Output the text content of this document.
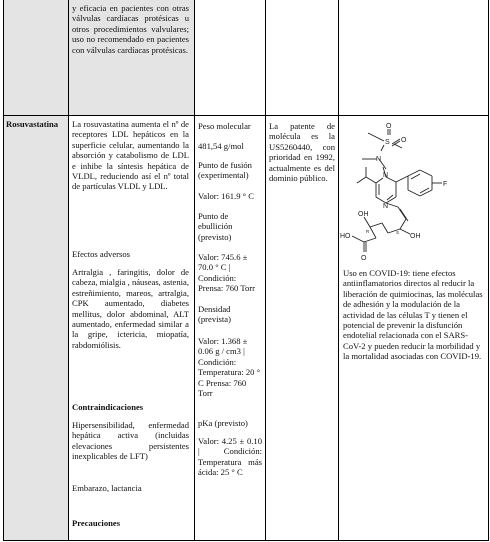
y eficacia en pacientes con otras válvulas cardíacas protésicas u otros procedimientos valvulares; uso no recomendado en pacientes con válvulas cardíacas protésicas.

Rosuvastatina	La rosuvastatina aumenta el nº de receptores LDL hepáticos en la superficie celular, aumentando la absorción y catabolismo de LDL e inhibe la síntesis hepática de VLDL, reduciendo así el nº total de partículas VLDL y LDL.

Efectos adversos

Artralgia , faringitis, dolor de cabeza, mialgia , náuseas, astenia, estreñimiento, mareos, artralgia, CPK aumentado, diabetes mellitus, dolor abdominal, ALT aumentado, enfermedad similar a la gripe, ictericia, miopatía, rabdomiólisis.

Contraindicaciones

Hipersensibilidad, enfermedad hepática activa (incluidas elevaciones persistentes inexplicables de LFT)

Embarazo, lactancia
Precauciones
Peso molecular
481,54 g/mol
Punto de fusión (experimental)
Valor: 161.9 ° C
Punto de ebullición (previsto)
Valor: 745.6 ± 70.0 ° C | Condición: Prensa: 760 Torr
Densidad (prevista)
Valor: 1.368 ± 0.06 g / cm3 | Condición: Temperatura: 20 ° C Prensa: 760 Torr
pKa (previsto)
Valor: 4.25 ± 0.10 | Condición: Temperatura más ácida: 25 ° C

La patente de molécula es la US5260440, con prioridad en 1992, actualmente es del dominio público.

Uso en COVID-19: tiene efectos antiinflamatorios directos al reducir la liberación de quimiocinas, las moléculas de adhesión y la modulación de la actividad de las células T y tienen el potencial de prevenir la disfunción endotelial relacionada con el SARS-CoV-2 y pueden reducir la morbilidad y la mortalidad asociadas con COVID-19.

O
S O
N
N
N
F
OH
OH
HO
O
R	S
